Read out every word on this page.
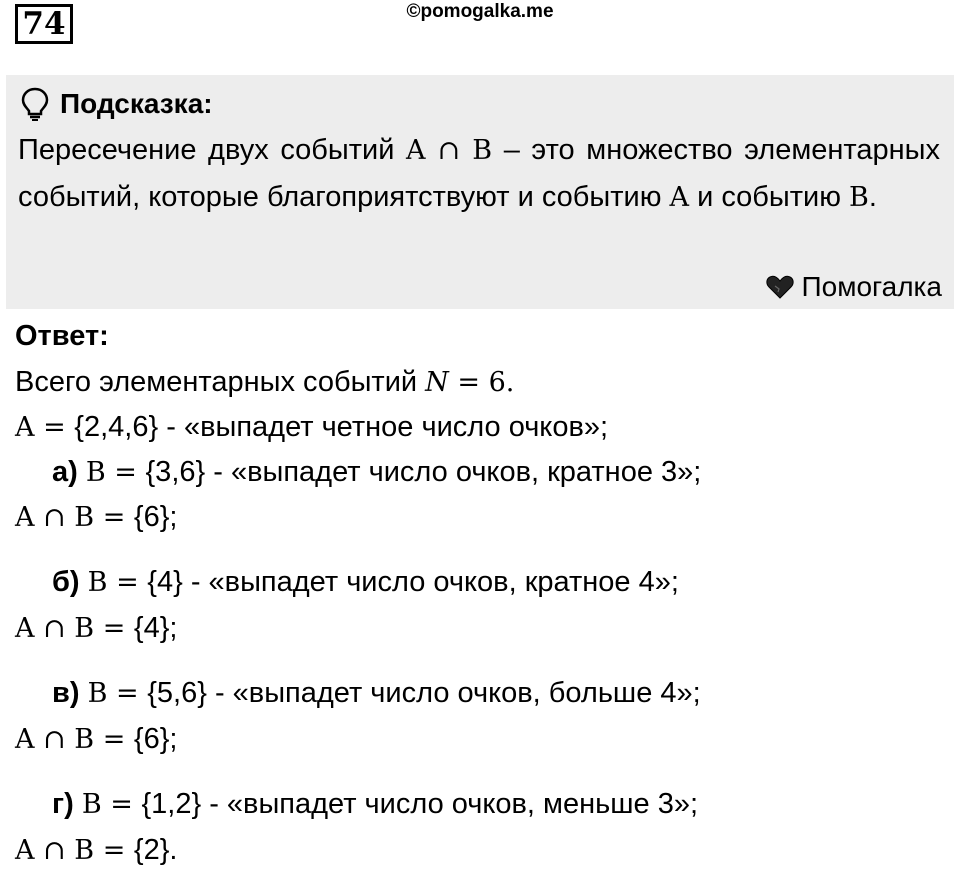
74	©pomogalka.me
Подсказка:
Пересечение двух событий A ∩ B – это множество элементарных событий, которые благоприятствуют и событию A и событию B.
Помогалка
Ответ:
Всего элементарных событий N = 6.
A = {2,4,6} - «выпадет четное число очков»;
а) B = {3,6} - «выпадет число очков, кратное 3»;
A ∩ B = {6};
б) B = {4} - «выпадет число очков, кратное 4»;
A ∩ B = {4};
в) B = {5,6} - «выпадет число очков, больше 4»;
A ∩ B = {6};
г) B = {1,2} - «выпадет число очков, меньше 3»;
A ∩ B = {2}.
